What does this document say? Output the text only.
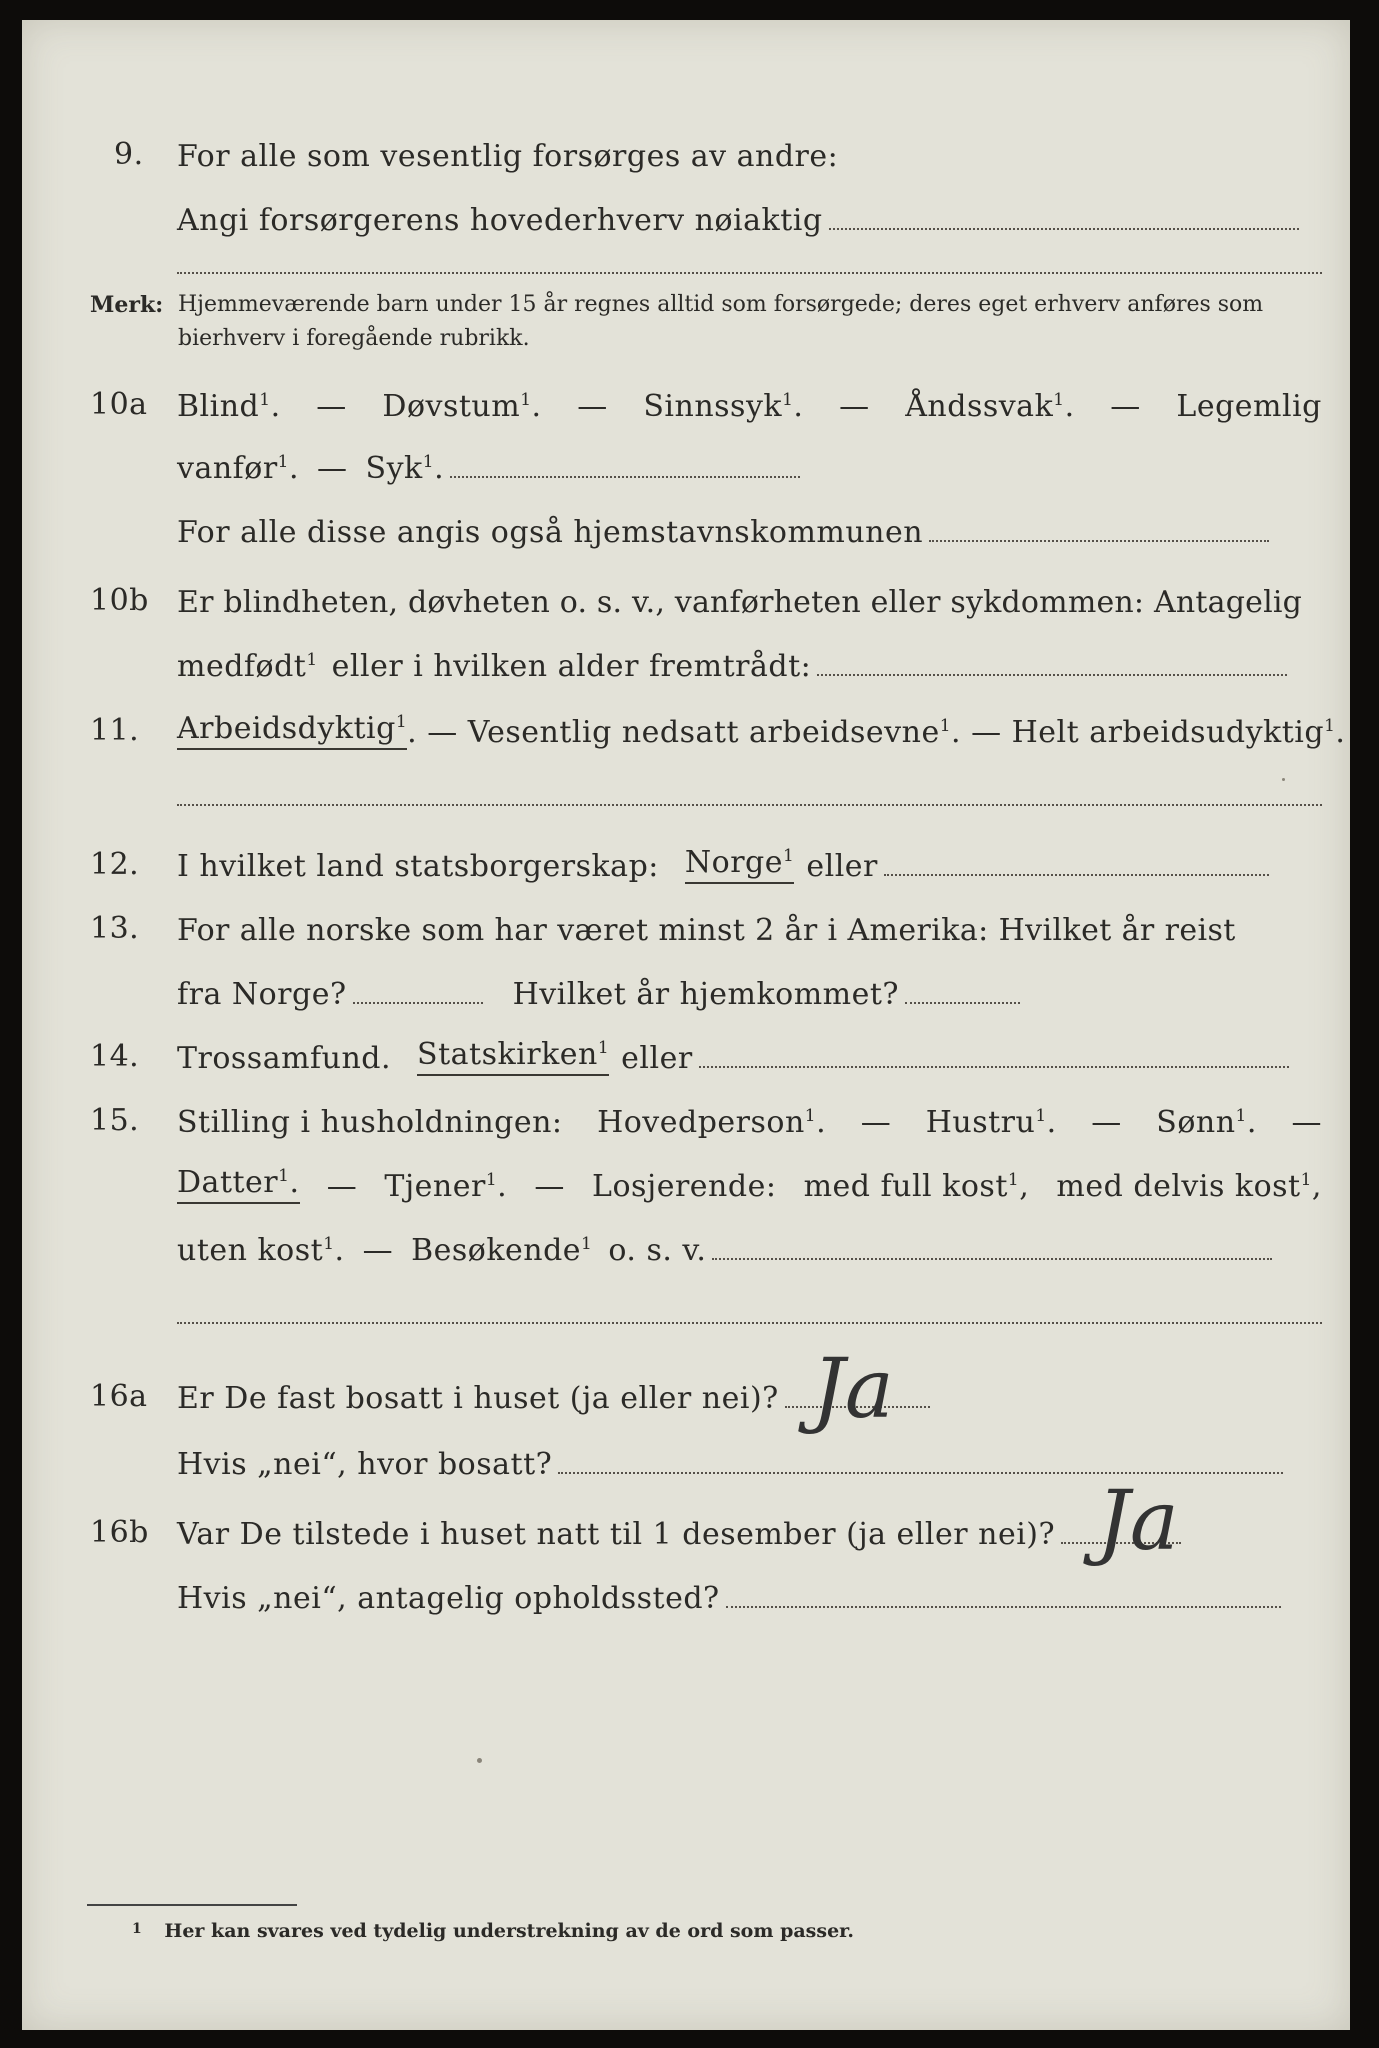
9. For alle som vesentlig forsørges av andre:
Angi forsørgerens hovederhverv nøiaktig
Merk: Hjemmeværende barn under 15 år regnes alltid som forsørgede; deres eget erhverv anføres som bierhverv i foregående rubrikk.
10a Blind$^1$. — Døvstum$^1$. — Sinnssyk$^1$. — Åndssvak$^1$. — Legemlig
vanfør$^1$. — Syk$^1$.
For alle disse angis også hjemstavnskommunen
10b Er blindheten, døvheten o. s. v., vanførheten eller sykdommen: Antagelig
medfødt$^1$ eller i hvilken alder fremtrådt:
11. Arbeidsdyktig$^1$ . — Vesentlig nedsatt arbeidsevne$^1$. — Helt arbeidsudyktig$^1$.
12. I hvilket land statsborgerskap: Norge$^1$ eller
13. For alle norske som har været minst 2 år i Amerika: Hvilket år reist
fra Norge?	Hvilket år hjemkommet?
14. Trossamfund. Statskirken$^1$ eller
15. Stilling i husholdningen: Hovedperson$^1$. — Hustru$^1$. — Sønn$^1$. —
Datter$^1$. — Tjener$^1$. — Losjerende: med full kost$^1$, med delvis kost$^1$,
uten kost$^1$. — Besøkende$^1$ o. s. v.
16a Er De fast bosatt i huset (ja eller nei)?
Hvis „nei“, hvor bosatt?
Ja
16b Var De tilstede i huset natt til 1 desember (ja eller nei)?
Hvis „nei“, antagelig opholdssted?
Ja
$^1$ Her kan svares ved tydelig understrekning av de ord som passer.
